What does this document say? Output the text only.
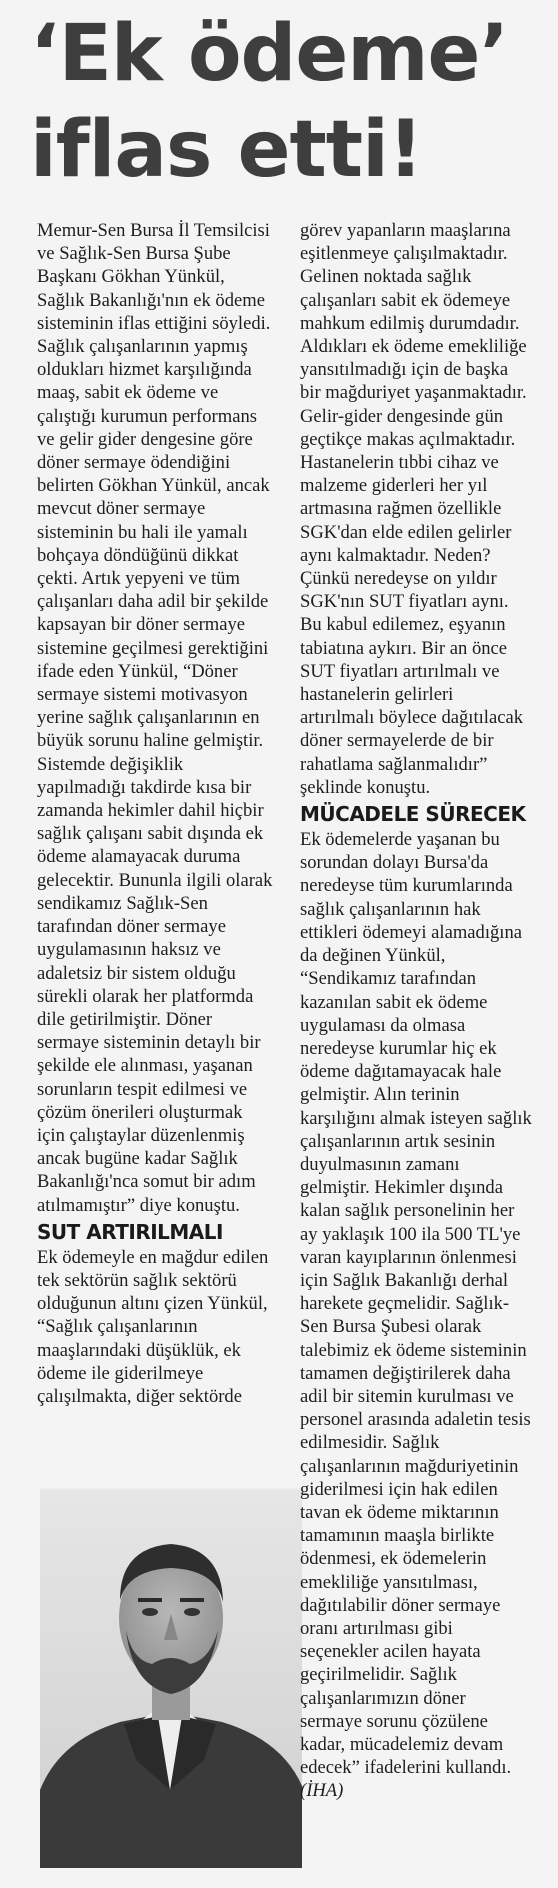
‘Ek ödeme’
iflas etti!

Memur-Sen Bursa İl Temsilcisi ve Sağlık-Sen Bursa Şube Başkanı Gökhan Yünkül, Sağlık Bakanlığı'nın ek ödeme sisteminin iflas ettiğini söyledi. Sağlık çalışanlarının yapmış oldukları hizmet karşılığında maaş, sabit ek ödeme ve çalıştığı kurumun performans ve gelir gider dengesine göre döner sermaye ödendiğini belirten Gökhan Yünkül, ancak mevcut döner sermaye sisteminin bu hali ile yamalı bohçaya döndüğünü dikkat çekti. Artık yepyeni ve tüm çalışanları daha adil bir şekilde kapsayan bir döner sermaye sistemine geçilmesi gerektiğini ifade eden Yünkül, “Döner sermaye sistemi motivasyon yerine sağlık çalışanlarının en büyük sorunu haline gelmiştir. Sistemde değişiklik yapılmadığı takdirde kısa bir zamanda hekimler dahil hiçbir sağlık çalışanı sabit dışında ek ödeme alamayacak duruma gelecektir. Bununla ilgili olarak sendikamız Sağlık-Sen tarafından döner sermaye uygulamasının haksız ve adaletsiz bir sistem olduğu sürekli olarak her platformda dile getirilmiştir. Döner sermaye sisteminin detaylı bir şekilde ele alınması, yaşanan sorunların tespit edilmesi ve çözüm önerileri oluşturmak için çalıştaylar düzenlenmiş ancak bugüne kadar Sağlık Bakanlığı'nca somut bir adım atılmamıştır” diye konuştu.

SUT ARTIRILMALI

Ek ödemeyle en mağdur edilen tek sektörün sağlık sektörü olduğunun altını çizen Yünkül, “Sağlık çalışanlarının maaşlarındaki düşüklük, ek ödeme ile giderilmeye çalışılmakta, diğer sektörde

görev yapanların maaşlarına eşitlenmeye çalışılmaktadır. Gelinen noktada sağlık çalışanları sabit ek ödemeye mahkum edilmiş durumdadır. Aldıkları ek ödeme emekliliğe yansıtılmadığı için de başka bir mağduriyet yaşanmaktadır. Gelir-gider dengesinde gün geçtikçe makas açılmaktadır. Hastanelerin tıbbi cihaz ve malzeme giderleri her yıl artmasına rağmen özellikle SGK'dan elde edilen gelirler aynı kalmaktadır. Neden? Çünkü neredeyse on yıldır SGK'nın SUT fiyatları aynı. Bu kabul edilemez, eşyanın tabiatına aykırı. Bir an önce SUT fiyatları artırılmalı ve hastanelerin gelirleri artırılmalı böylece dağıtılacak döner sermayelerde de bir rahatlama sağlanmalıdır” şeklinde konuştu.

MÜCADELE SÜRECEK

Ek ödemelerde yaşanan bu sorundan dolayı Bursa'da neredeyse tüm kurumlarında sağlık çalışanlarının hak ettikleri ödemeyi alamadığına da değinen Yünkül, “Sendikamız tarafından kazanılan sabit ek ödeme uygulaması da olmasa neredeyse kurumlar hiç ek ödeme dağıtamayacak hale gelmiştir. Alın terinin karşılığını almak isteyen sağlık çalışanlarının artık sesinin duyulmasının zamanı gelmiştir. Hekimler dışında kalan sağlık personelinin her ay yaklaşık 100 ila 500 TL'ye varan kayıplarının önlenmesi için Sağlık Bakanlığı derhal harekete geçmelidir. Sağlık-Sen Bursa Şubesi olarak talebimiz ek ödeme sisteminin tamamen değiştirilerek daha adil bir sitemin kurulması ve personel arasında adaletin tesis edilmesidir. Sağlık çalışanlarının mağduriyetinin giderilmesi için hak edilen tavan ek ödeme miktarının tamamının maaşla birlikte ödenmesi, ek ödemelerin emekliliğe yansıtılması, dağıtılabilir döner sermaye oranı artırılması gibi seçenekler acilen hayata geçirilmelidir. Sağlık çalışanlarımızın döner sermaye sorunu çözülene kadar, mücadelemiz devam edecek” ifadelerini kullandı. (İHA)
